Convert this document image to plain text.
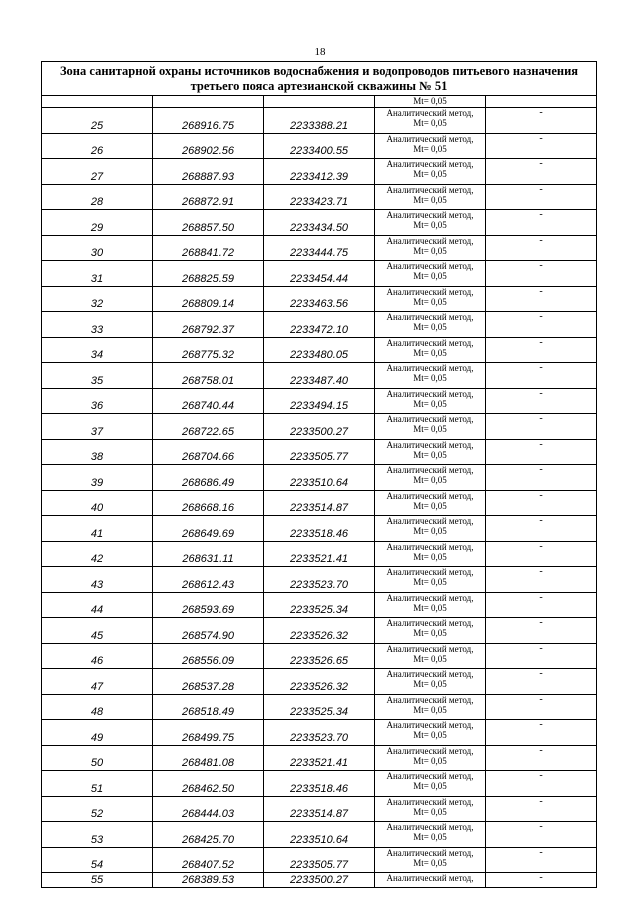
18
Зона санитарной охраны источников водоснабжения и водопроводов питьевого назначения
третьего пояса артезианской скважины № 51				

			Mt= 0,05	

25	268916.75	2233388.21	Аналитический метод,
Mt= 0,05	-
26	268902.56	2233400.55	Аналитический метод,
Mt= 0,05	-
27	268887.93	2233412.39	Аналитический метод,
Mt= 0,05	-
28	268872.91	2233423.71	Аналитический метод,
Mt= 0,05	-
29	268857.50	2233434.50	Аналитический метод,
Mt= 0,05	-
30	268841.72	2233444.75	Аналитический метод,
Mt= 0,05	-
31	268825.59	2233454.44	Аналитический метод,
Mt= 0,05	-
32	268809.14	2233463.56	Аналитический метод,
Mt= 0,05	-
33	268792.37	2233472.10	Аналитический метод,
Mt= 0,05	-
34	268775.32	2233480.05	Аналитический метод,
Mt= 0,05	-
35	268758.01	2233487.40	Аналитический метод,
Mt= 0,05	-
36	268740.44	2233494.15	Аналитический метод,
Mt= 0,05	-
37	268722.65	2233500.27	Аналитический метод,
Mt= 0,05	-
38	268704.66	2233505.77	Аналитический метод,
Mt= 0,05	-
39	268686.49	2233510.64	Аналитический метод,
Mt= 0,05	-
40	268668.16	2233514.87	Аналитический метод,
Mt= 0,05	-
41	268649.69	2233518.46	Аналитический метод,
Mt= 0,05	-
42	268631.11	2233521.41	Аналитический метод,
Mt= 0,05	-
43	268612.43	2233523.70	Аналитический метод,
Mt= 0,05	-
44	268593.69	2233525.34	Аналитический метод,
Mt= 0,05	-
45	268574.90	2233526.32	Аналитический метод,
Mt= 0,05	-
46	268556.09	2233526.65	Аналитический метод,
Mt= 0,05	-
47	268537.28	2233526.32	Аналитический метод,
Mt= 0,05	-
48	268518.49	2233525.34	Аналитический метод,
Mt= 0,05	-
49	268499.75	2233523.70	Аналитический метод,
Mt= 0,05	-
50	268481.08	2233521.41	Аналитический метод,
Mt= 0,05	-
51	268462.50	2233518.46	Аналитический метод,
Mt= 0,05	-
52	268444.03	2233514.87	Аналитический метод,
Mt= 0,05	-
53	268425.70	2233510.64	Аналитический метод,
Mt= 0,05	-
54	268407.52	2233505.77	Аналитический метод,
Mt= 0,05	-
55	268389.53	2233500.27	Аналитический метод,	-
